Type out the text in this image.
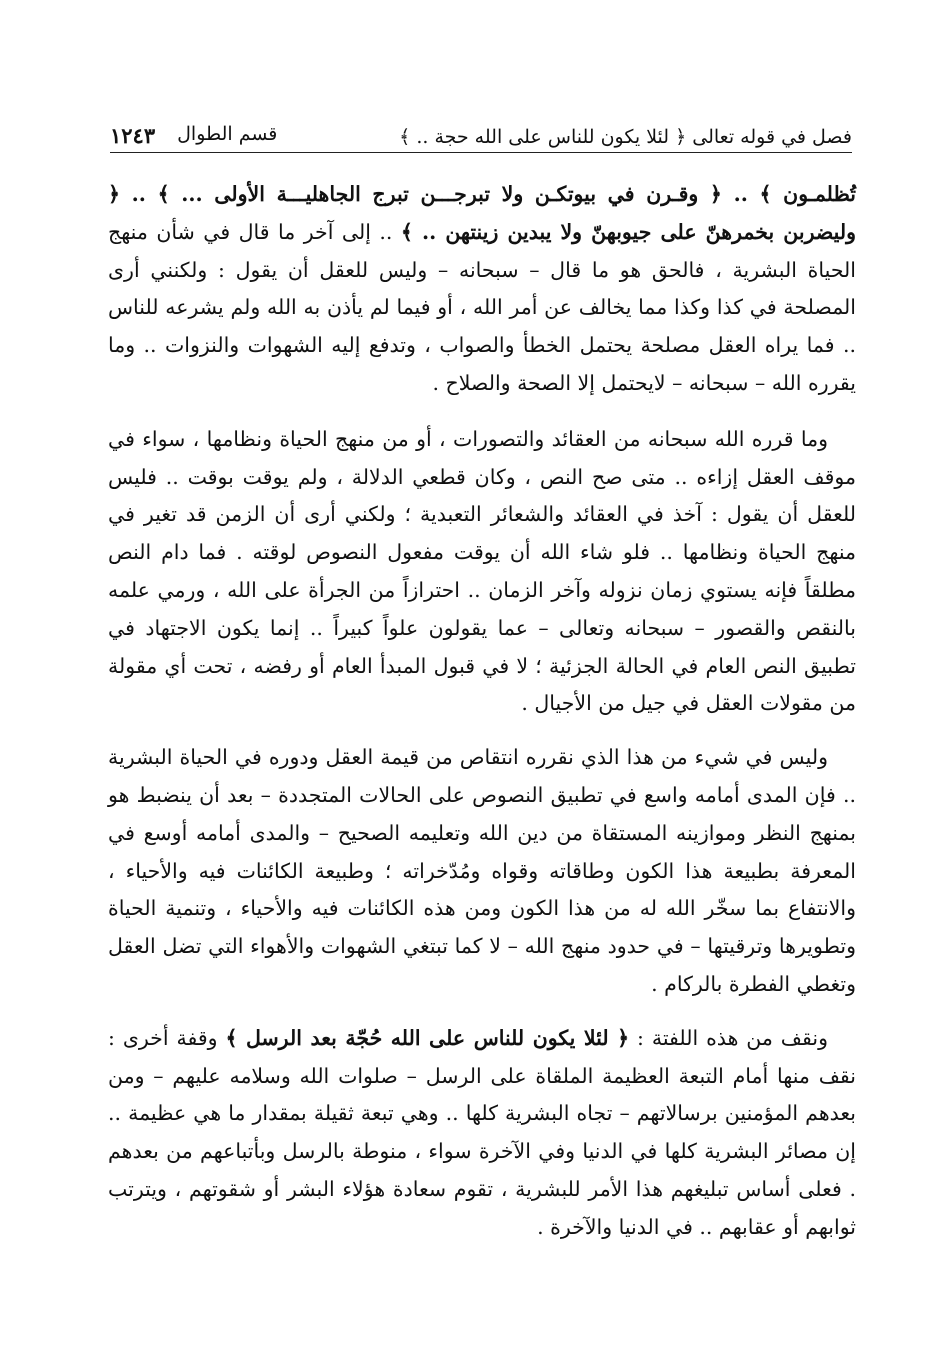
فصل في قوله تعالى ﴿ لئلا يكون للناس على الله حجة .. ﴾
قسم الطوال
١٢٤٣

تُظلمـون ﴾ .. ﴿ وقـرن في بيوتكـن ولا تبرجـــن تبرج الجاهليـــة الأولى ... ﴾ .. ﴿ وليضربن بخمرهنّ على جيوبهنّ ولا يبدين زينتهن .. ﴾ .. إلى آخر ما قال في شأن منهج الحياة البشرية ، فالحق هو ما قال – سبحانه – وليس للعقل أن يقول : ولكنني أرى المصلحة في كذا وكذا مما يخالف عن أمر الله ، أو فيما لم يأذن به الله ولم يشرعه للناس .. فما يراه العقل مصلحة يحتمل الخطأ والصواب ، وتدفع إليه الشهوات والنزوات .. وما يقرره الله – سبحانه – لايحتمل إلا الصحة والصلاح .

وما قرره الله سبحانه من العقائد والتصورات ، أو من منهج الحياة ونظامها ، سواء في موقف العقل إزاءه .. متى صح النص ، وكان قطعي الدلالة ، ولم يوقت بوقت .. فليس للعقل أن يقول : آخذ في العقائد والشعائر التعبدية ؛ ولكني أرى أن الزمن قد تغير في منهج الحياة ونظامها .. فلو شاء الله أن يوقت مفعول النصوص لوقته . فما دام النص مطلقاً فإنه يستوي زمان نزوله وآخر الزمان .. احترازاً من الجرأة على الله ، ورمي علمه بالنقص والقصور – سبحانه وتعالى – عما يقولون علواً كبيراً .. إنما يكون الاجتهاد في تطبيق النص العام في الحالة الجزئية ؛ لا في قبول المبدأ العام أو رفضه ، تحت أي مقولة من مقولات العقل في جيل من الأجيال .

وليس في شيء من هذا الذي نقرره انتقاص من قيمة العقل ودوره في الحياة البشرية .. فإن المدى أمامه واسع في تطبيق النصوص على الحالات المتجددة – بعد أن ينضبط هو بمنهج النظر وموازينه المستقاة من دين الله وتعليمه الصحيح – والمدى أمامه أوسع في المعرفة بطبيعة هذا الكون وطاقاته وقواه ومُدّخراته ؛ وطبيعة الكائنات فيه والأحياء ، والانتفاع بما سخّر الله له من هذا الكون ومن هذه الكائنات فيه والأحياء ، وتنمية الحياة وتطويرها وترقيتها – في حدود منهج الله – لا كما تبتغي الشهوات والأهواء التي تضل العقل وتغطي الفطرة بالركام .

ونقف من هذه اللفتة : ﴿ لئلا يكون للناس على الله حُجّة بعد الرسل ﴾ وقفة أخرى : نقف منها أمام التبعة العظيمة الملقاة على الرسل – صلوات الله وسلامه عليهم – ومن بعدهم المؤمنين برسالاتهم – تجاه البشرية كلها .. وهي تبعة ثقيلة بمقدار ما هي عظيمة .. إن مصائر البشرية كلها في الدنيا وفي الآخرة سواء ، منوطة بالرسل وبأتباعهم من بعدهم . فعلى أساس تبليغهم هذا الأمر للبشرية ، تقوم سعادة هؤلاء البشر أو شقوتهم ، ويترتب ثوابهم أو عقابهم .. في الدنيا والآخرة .
